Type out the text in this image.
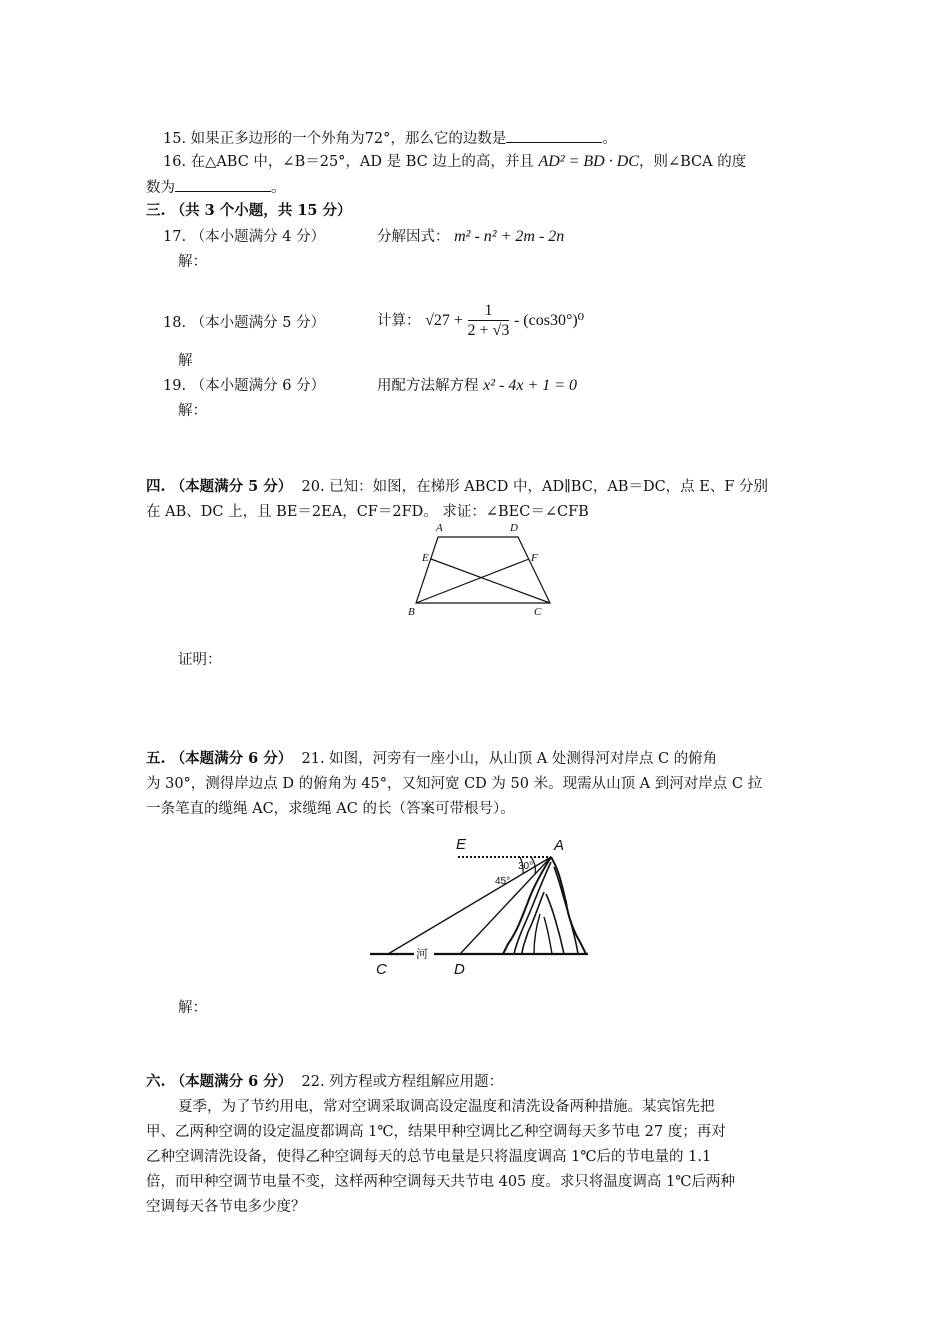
15. 如果正多边形的一个外角为72°，那么它的边数是	。
16. 在△ABC 中，∠B＝25°，AD 是 BC 边上的高，并且 AD² = BD · DC，则∠BCA 的度
数为	。
三. （共 3 个小题，共 15 分）
17. （本小题满分 4 分）	分解因式： m² - n² + 2m - 2n
解：
18. （本小题满分 5 分）	计算： $√27 + \frac{1}{2 + √3} - (\cos 30^\circ)^0$
解
19. （本小题满分 6 分）	用配方法解方程 x² - 4x + 1 = 0
解：
四. （本题满分 5 分） 20. 已知：如图，在梯形 ABCD 中，AD∥BC，AB＝DC，点 E、F 分别
在 AB、DC 上，且 BE＝2EA，CF＝2FD。 求证：∠BEC＝∠CFB
A	D
E	F
B	C
证明：
五. （本题满分 6 分） 21. 如图，河旁有一座小山，从山顶 A 处测得河对岸点 C 的俯角
为 30°，测得岸边点 D 的俯角为 45°，又知河宽 CD 为 50 米。现需从山顶 A 到河对岸点 C 拉
一条笔直的缆绳 AC，求缆绳 AC 的长（答案可带根号）。
E	A
C	D
30°
45°
河
解：
六. （本题满分 6 分） 22. 列方程或方程组解应用题：
夏季，为了节约用电，常对空调采取调高设定温度和清洗设备两种措施。某宾馆先把
甲、乙两种空调的设定温度都调高 1℃，结果甲种空调比乙种空调每天多节电 27 度；再对
乙种空调清洗设备，使得乙种空调每天的总节电量是只将温度调高 1℃后的节电量的 1.1
倍，而甲种空调节电量不变，这样两种空调每天共节电 405 度。求只将温度调高 1℃后两种
空调每天各节电多少度？
